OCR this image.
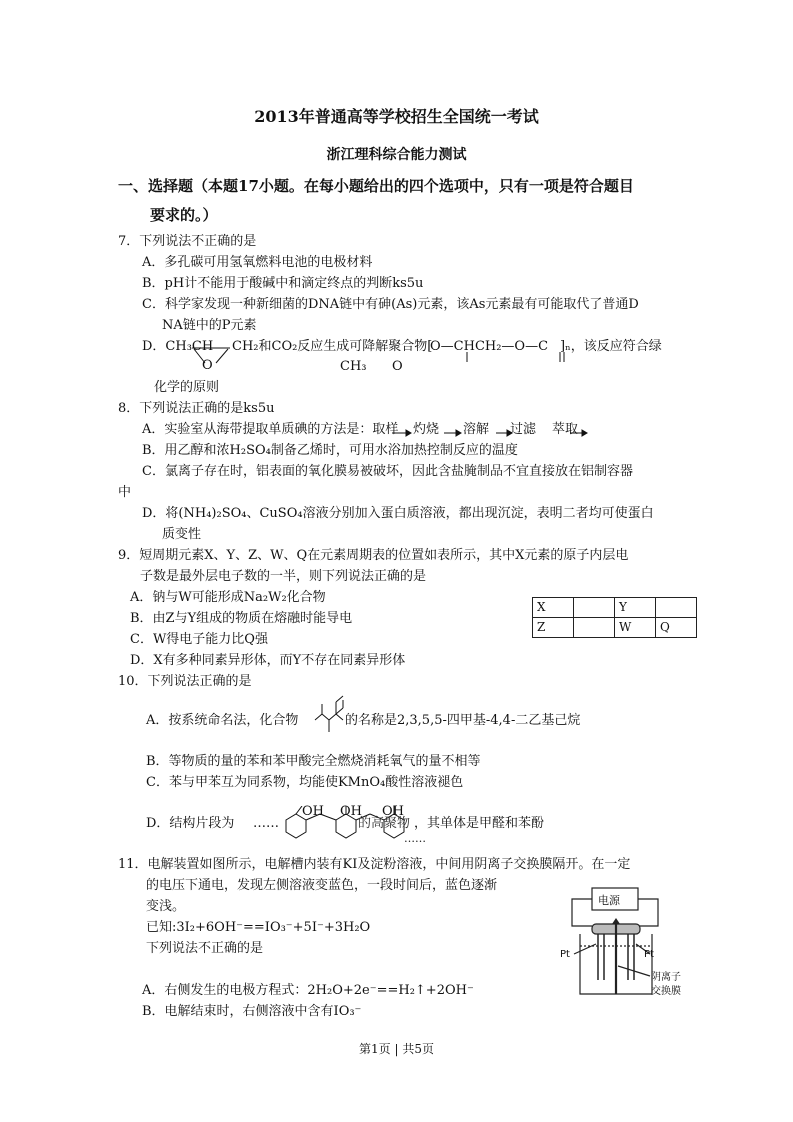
2013年普通高等学校招生全国统一考试
浙江理科综合能力测试
一、选择题（本题17小题。在每小题给出的四个选项中，只有一项是符合题目
要求的。）
7．下列说法不正确的是
A．多孔碳可用氢氧燃料电池的电极材料
B．pH计不能用于酸碱中和滴定终点的判断ks5u
C．科学家发现一种新细菌的DNA链中有砷(As)元素，该As元素最有可能取代了普通D
NA链中的P元素
D．CH₃CH
O
CH₂和CO₂反应生成可降解聚合物[
O—CHCH₂—O—C ]ₙ，该反应符合绿
CH₃ O
化学的原则
8．下列说法正确的是ks5u
A．实验室从海带提取单质碘的方法是：取样 灼烧 溶解 过滤 萃取
B．用乙醇和浓H₂SO₄制备乙烯时，可用水浴加热控制反应的温度
C．氯离子存在时，铝表面的氧化膜易被破坏，因此含盐腌制品不宜直接放在铝制容器
中
D．将(NH₄)₂SO₄、CuSO₄溶液分别加入蛋白质溶液，都出现沉淀，表明二者均可使蛋白
质变性
9．短周期元素X、Y、Z、W、Q在元素周期表的位置如表所示，其中X元素的原子内层电
子数是最外层电子数的一半，则下列说法正确的是
A．钠与W可能形成Na₂W₂化合物
B．由Z与Y组成的物质在熔融时能导电
C．W得电子能力比Q强
D．X有多种同素异形体，而Y不存在同素异形体
X		Y	
Z		W	Q
10．下列说法正确的是
A．按系统命名法，化合物	的名称是2,3,5,5-四甲基-4,4-二乙基己烷
B．等物质的量的苯和苯甲酸完全燃烧消耗氧气的量不相等
C．苯与甲苯互为同系物，均能使KMnO₄酸性溶液褪色
D．结构片段为 ……
OH OH OH
的高聚物
……
，其单体是甲醛和苯酚
11．电解装置如图所示，电解槽内装有KI及淀粉溶液，中间用阴离子交换膜隔开。在一定
的电压下通电，发现左侧溶液变蓝色，一段时间后，蓝色逐渐
变浅。
已知:3I₂+6OH⁻==IO₃⁻+5I⁻+3H₂O
下列说法不正确的是
A．右侧发生的电极方程式：2H₂O+2e⁻==H₂↑+2OH⁻
B．电解结束时，右侧溶液中含有IO₃⁻
电源
Pt	Pt
阴离子
交换膜
第1页 | 共5页
